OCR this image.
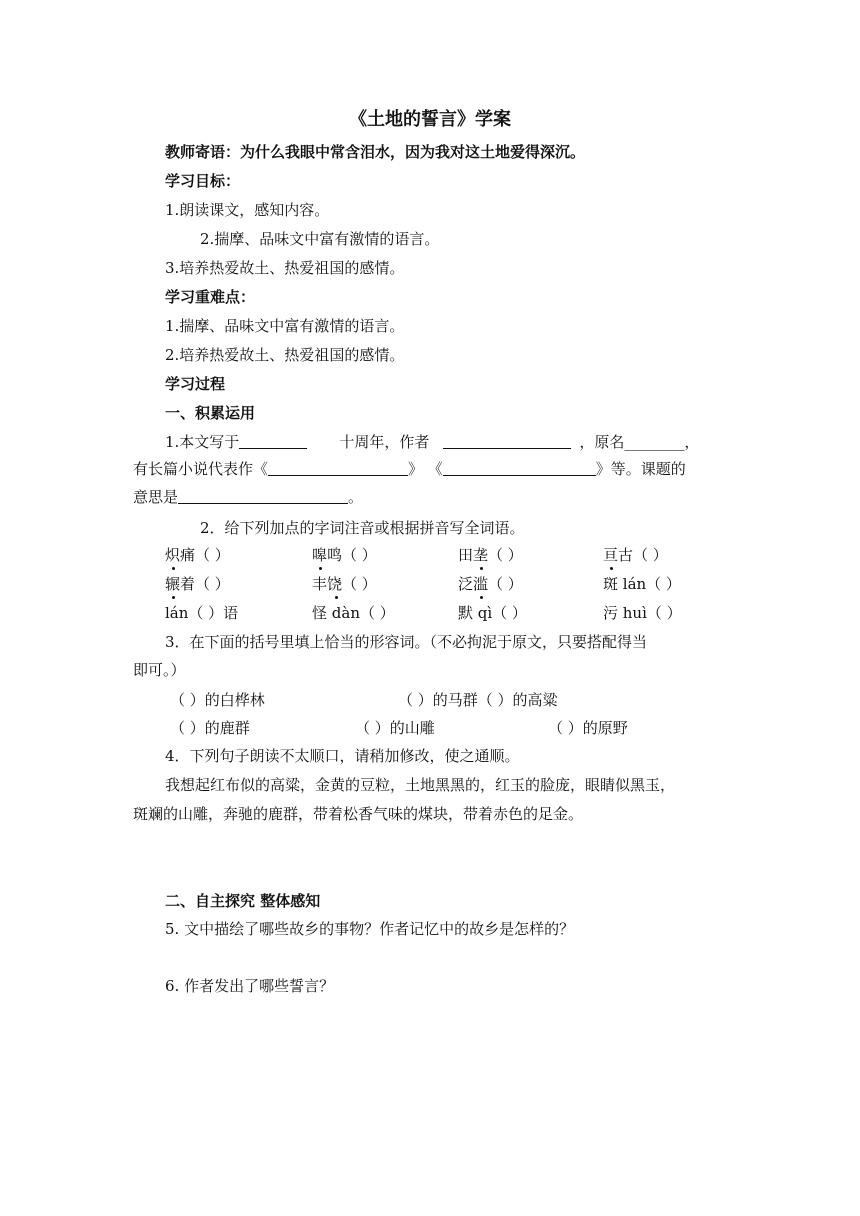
《土地的誓言》学案
教师寄语：为什么我眼中常含泪水，因为我对这土地爱得深沉。
学习目标：
1.朗读课文，感知内容。
2.揣摩、品味文中富有激情的语言。
3.培养热爱故土、热爱祖国的感情。
学习重难点：
1.揣摩、品味文中富有激情的语言。
2.培养热爱故土、热爱祖国的感情。
学习过程
一、积累运用
1.本文写于	十周年，作者	，原名________，
有长篇小说代表作《	》 《	》等。课题的
意思是	。
2．给下列加点的字词注音或根据拼音写全词语。
炽痛（ ）	嗥鸣（ ）	田垄（ ）	亘古（ ）
辗着（ ）	丰饶（ ）	泛滥（ ）	斑 lán（ ）
lán（ ）语	怪 dàn（ ）	默 qì（ ）	污 huì（ ）
3．在下面的括号里填上恰当的形容词。（不必拘泥于原文，只要搭配得当
即可。）
（ ）的白桦林	（ ）的马群（ ）的高粱
（ ）的鹿群	（ ）的山雕	（ ）的原野
4．下列句子朗读不太顺口，请稍加修改，使之通顺。
我想起红布似的高粱，金黄的豆粒，土地黑黑的，红玉的脸庞，眼睛似黑玉，
斑斓的山雕，奔驰的鹿群，带着松香气味的煤块，带着赤色的足金。
二、自主探究 整体感知
5. 文中描绘了哪些故乡的事物？作者记忆中的故乡是怎样的？
6. 作者发出了哪些誓言？
